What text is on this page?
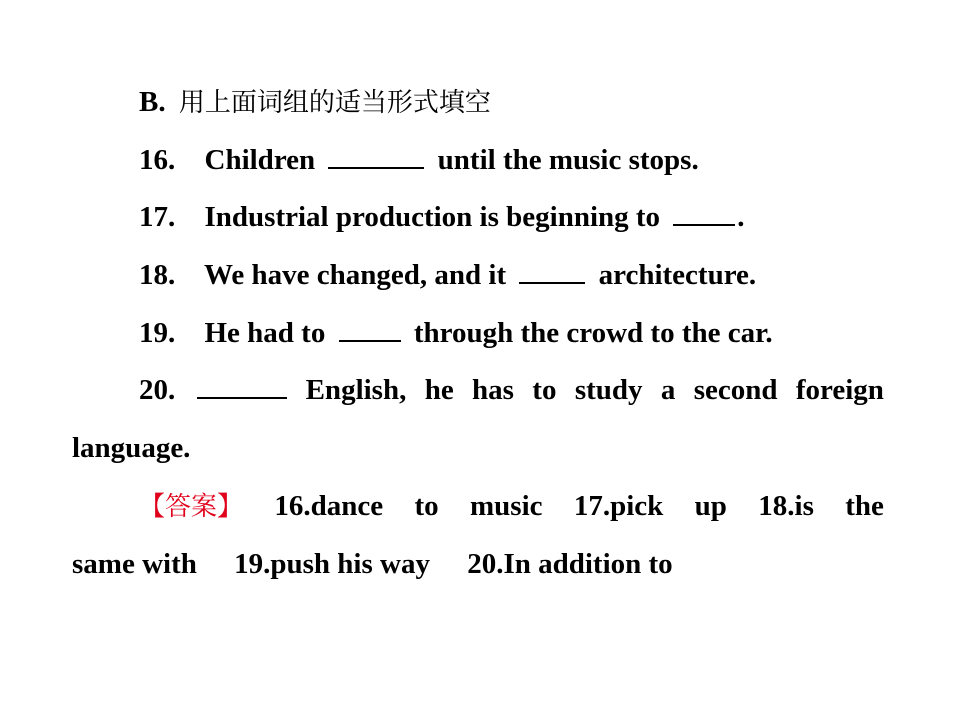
B. 用上面词组的适当形式填空
16. Children	until the music stops.
17. Industrial production is beginning to	.
18. We have changed, and it	architecture.
19. He had to	through the crowd to the car.
20.	English, he has to study a second foreign
language.
【答案】 16.dance to music 17.pick up 18.is the
same with 19.push his way 20.In addition to
